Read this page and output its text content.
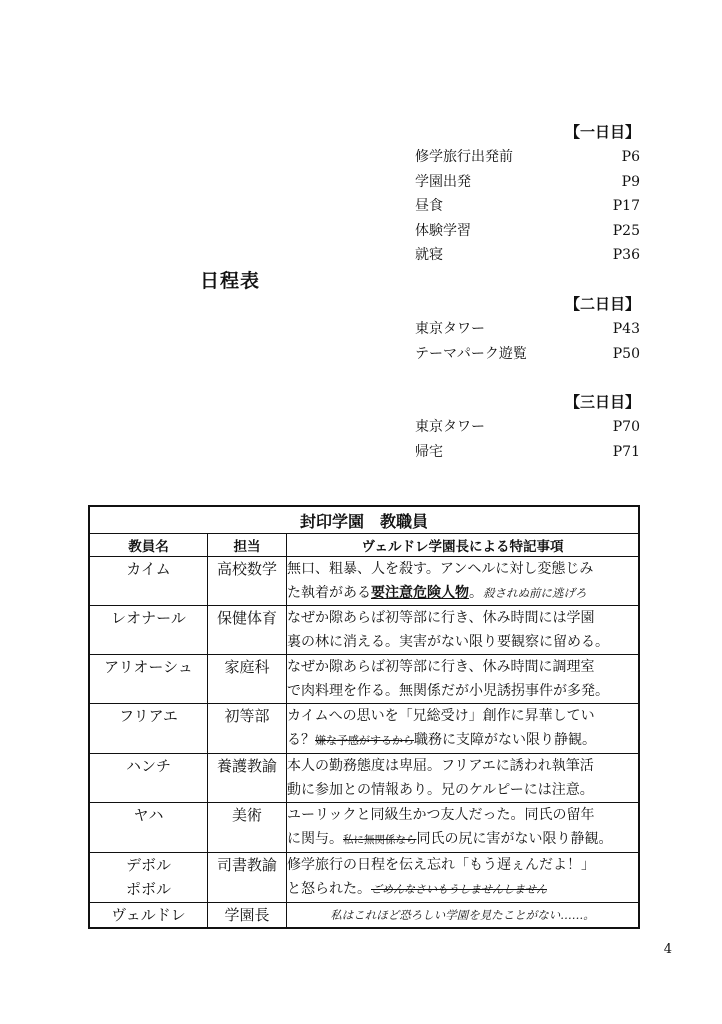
日程表
【一日目】
修学旅行出発前	P6
学園出発	P9
昼食	P17
体験学習	P25
就寝	P36
【二日目】
東京タワー	P43
テーマパーク遊覧	P50
【三日目】
東京タワー	P70
帰宅	P71
封印学園　教職員		
教員名	担当	ヴェルドレ学園長による特記事項
カイム	高校数学	無口、粗暴、人を殺す。アンヘルに対し変態じみ
た執着がある要注意危険人物。殺されぬ前に逃げろ

レオナール	保健体育	なぜか隙あらば初等部に行き、休み時間には学園
裏の林に消える。実害がない限り要観察に留める。

アリオーシュ	家庭科	なぜか隙あらば初等部に行き、休み時間に調理室
で肉料理を作る。無関係だが小児誘拐事件が多発。

フリアエ	初等部	カイムへの思いを「兄総受け」創作に昇華してい
る？嫌な予感がするから職務に支障がない限り静観。

ハンチ	養護教諭	本人の勤務態度は卑屈。フリアエに誘われ執筆活
動に参加との情報あり。兄のケルピーには注意。

ヤハ	美術	ユーリックと同級生かつ友人だった。同氏の留年
に関与。私に無関係なら同氏の尻に害がない限り静観。

デボル
ポボル	司書教諭	修学旅行の日程を伝え忘れ「もう遅ぇんだよ！」
と怒られた。ごめんなさいもうしませんしません

ヴェルドレ	学園長	私はこれほど恐ろしい学園を見たことがない……。
4
